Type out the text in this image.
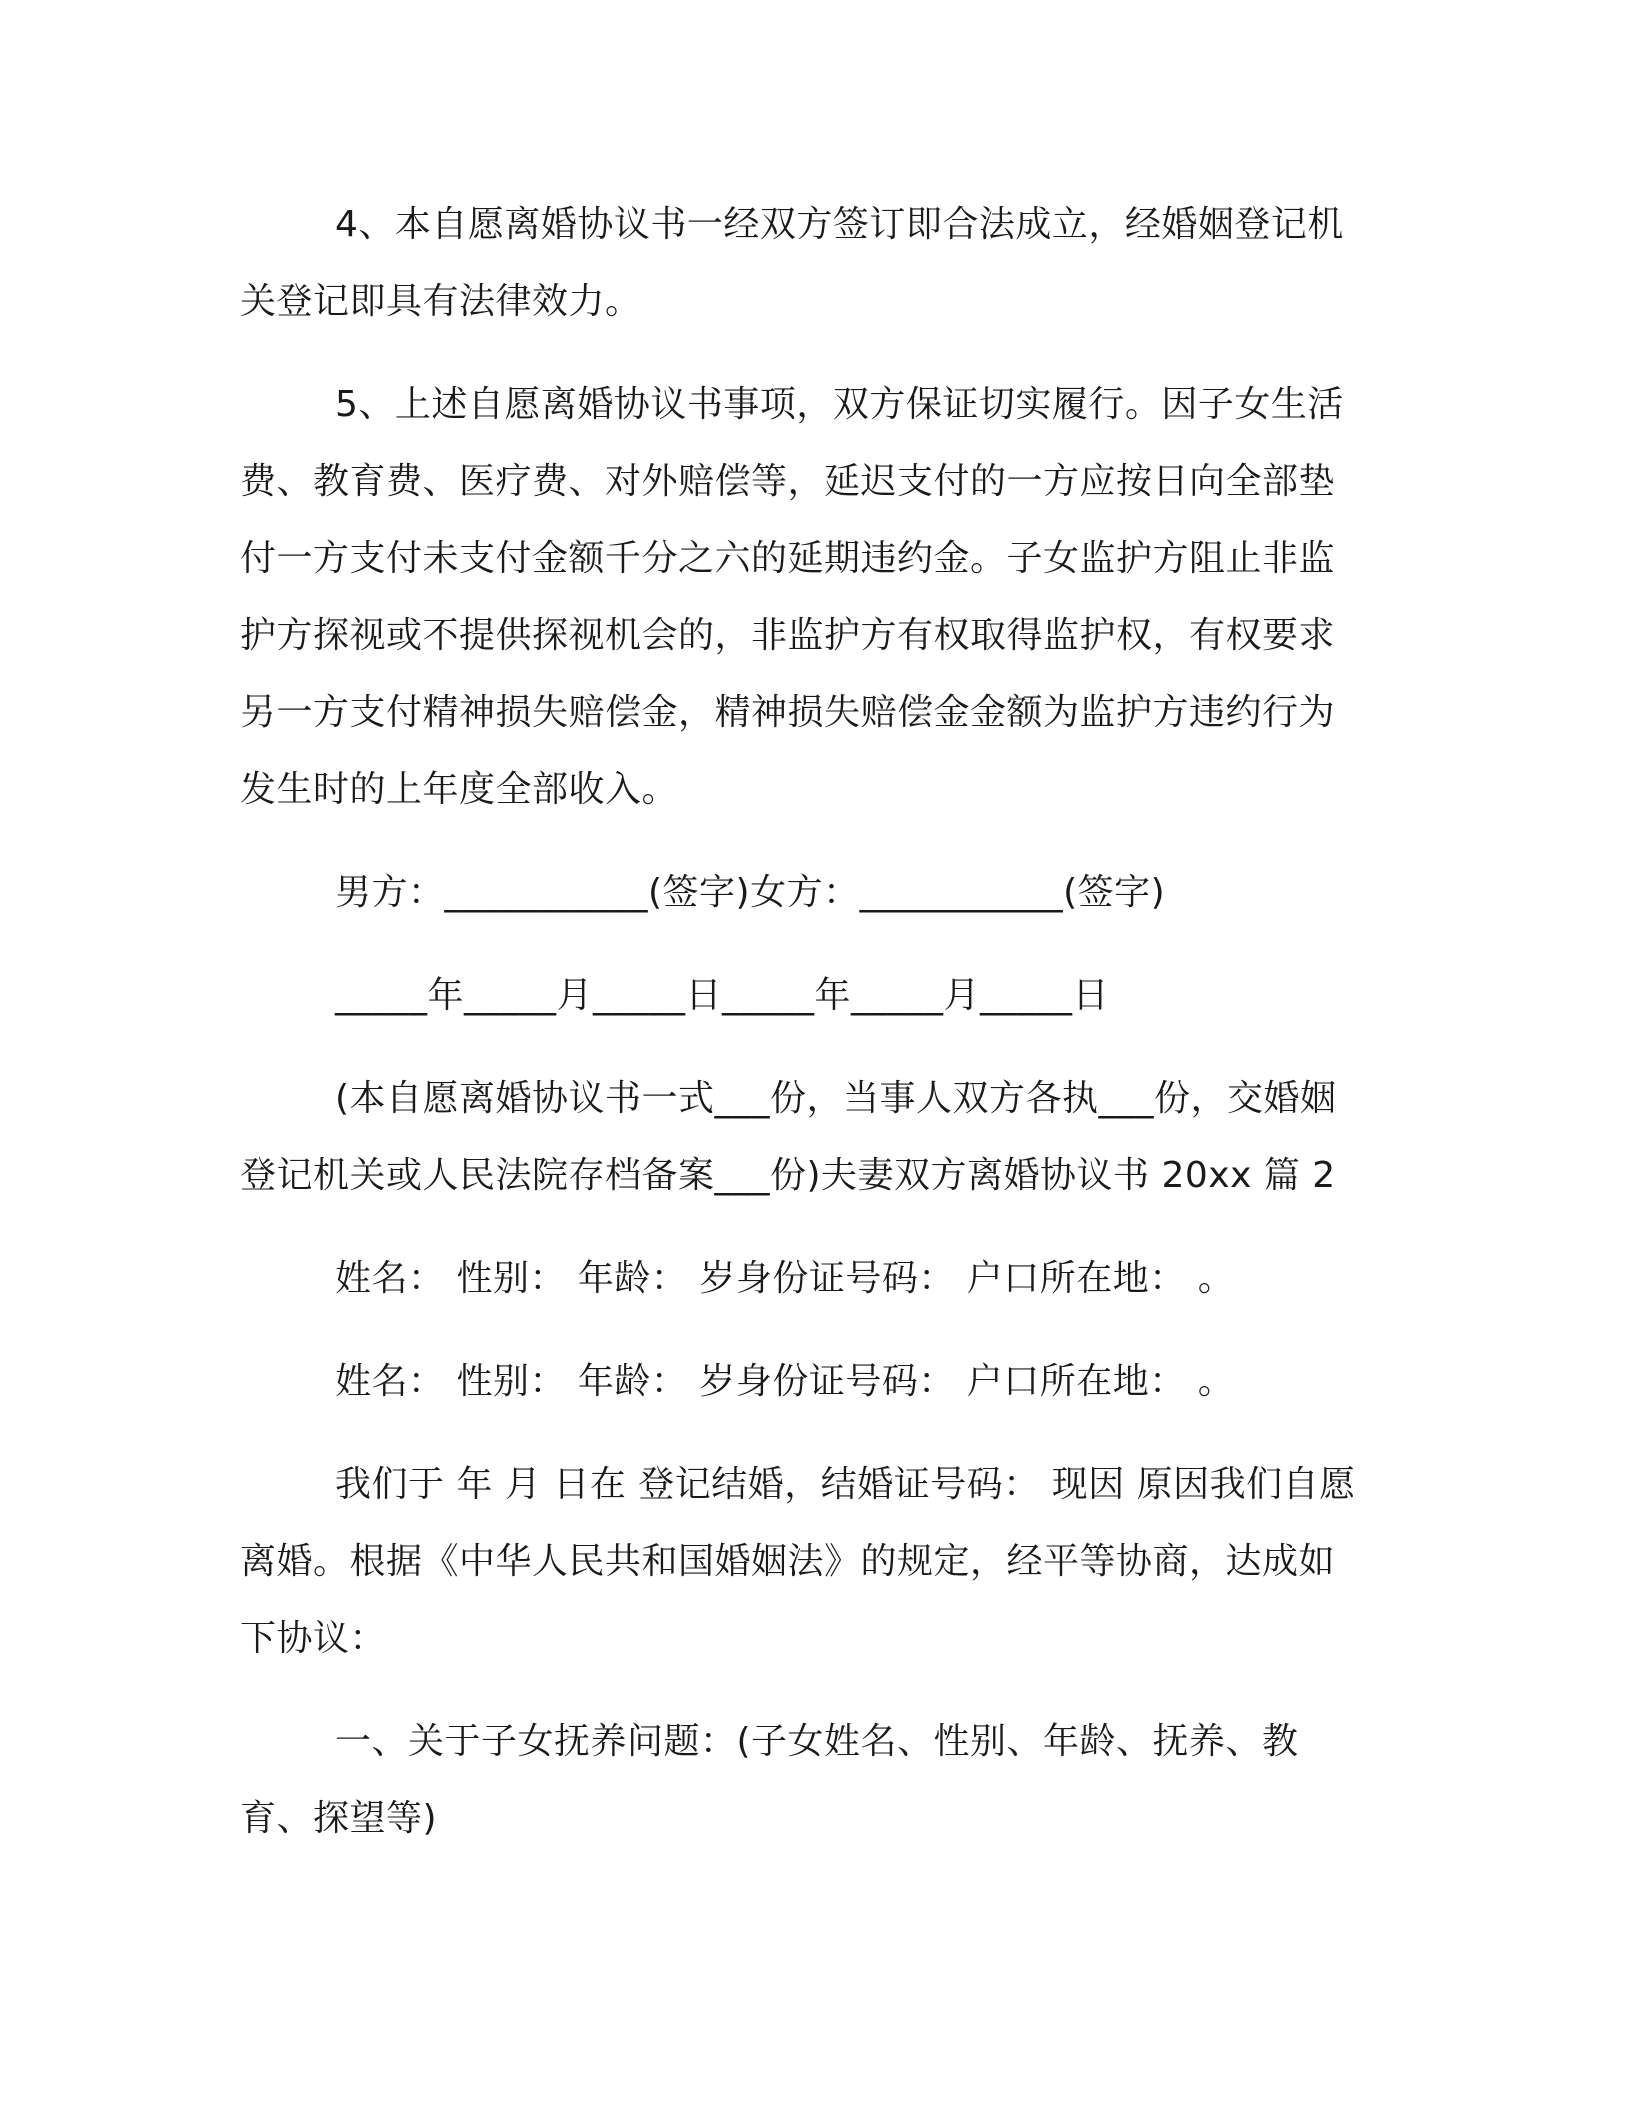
4、本自愿离婚协议书一经双方签订即合法成立，经婚姻登记机关登记即具有法律效力。

5、上述自愿离婚协议书事项，双方保证切实履行。因子女生活费、教育费、医疗费、对外赔偿等，延迟支付的一方应按日向全部垫付一方支付未支付金额千分之六的延期违约金。子女监护方阻止非监护方探视或不提供探视机会的，非监护方有权取得监护权，有权要求另一方支付精神损失赔偿金，精神损失赔偿金金额为监护方违约行为发生时的上年度全部收入。

男方：___________(签字)女方：___________(签字)

_____年_____月_____日_____年_____月_____日

(本自愿离婚协议书一式___份，当事人双方各执___份，交婚姻登记机关或人民法院存档备案___份)夫妻双方离婚协议书 20xx 篇 2

姓名： 性别： 年龄： 岁身份证号码： 户口所在地： 。

姓名： 性别： 年龄： 岁身份证号码： 户口所在地： 。

我们于 年 月 日在 登记结婚，结婚证号码： 现因 原因我们自愿离婚。根据《中华人民共和国婚姻法》的规定，经平等协商，达成如下协议：

一、关于子女抚养问题：(子女姓名、性别、年龄、抚养、教育、探望等)
